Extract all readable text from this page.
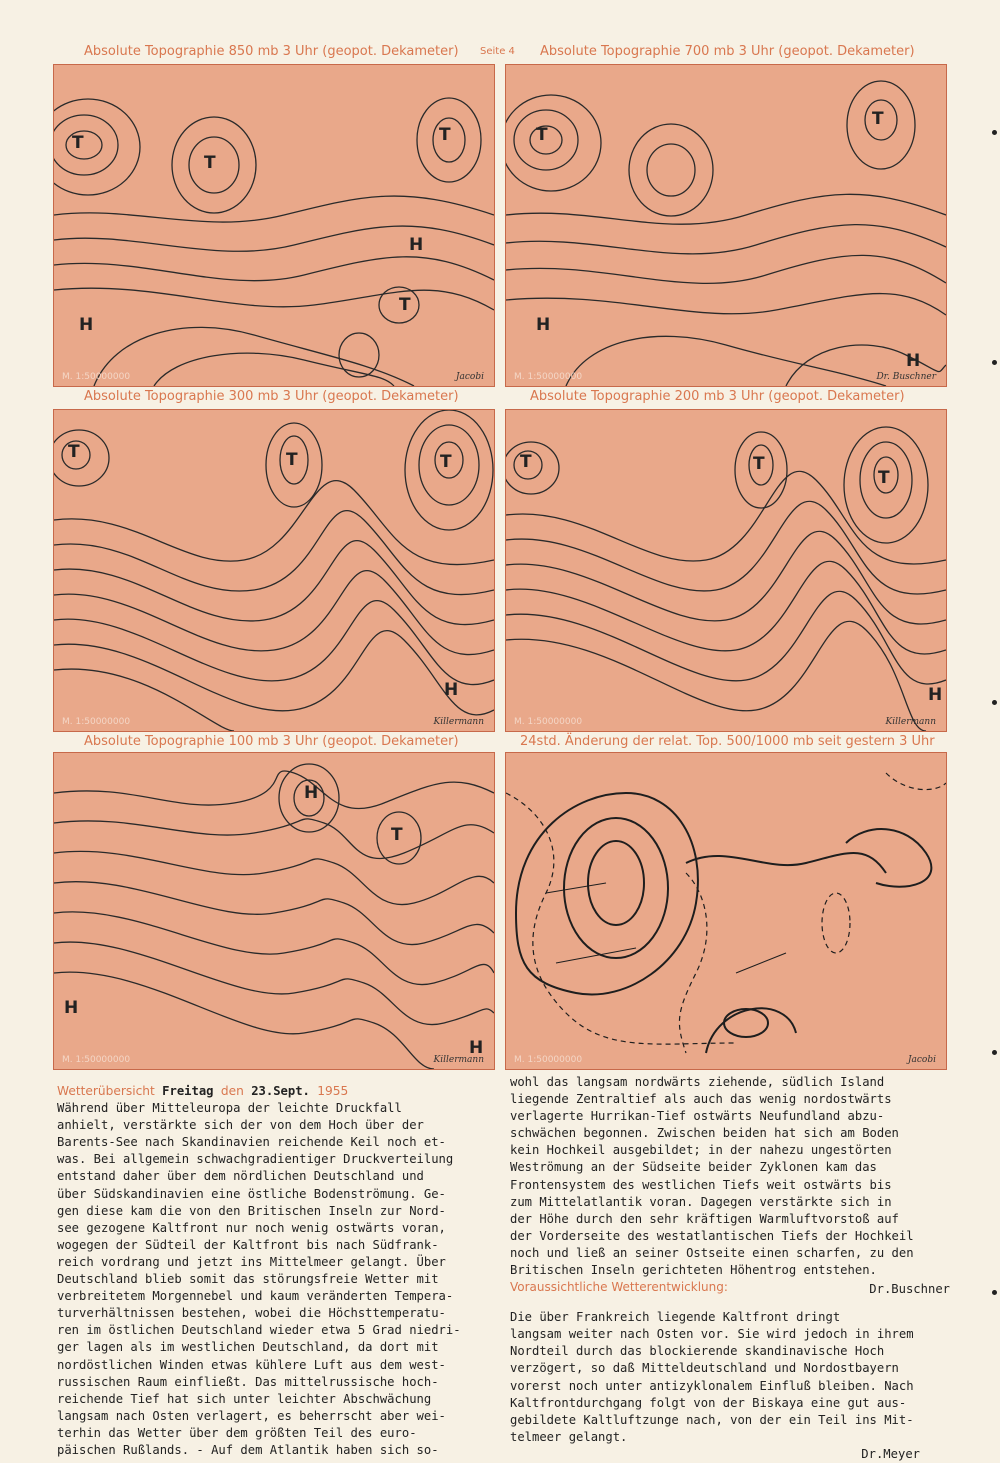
Seite 4
Absolute Topographie 850 mb 3 Uhr (geopot. Dekameter)	Absolute Topographie 700 mb 3 Uhr (geopot. Dekameter)
Absolute Topographie 300 mb 3 Uhr (geopot. Dekameter)	Absolute Topographie 200 mb 3 Uhr (geopot. Dekameter)
Absolute Topographie 100 mb 3 Uhr (geopot. Dekameter)	24std. Änderung der relat. Top. 500/1000 mb seit gestern 3 Uhr
T
T
T
T
H
H
M. 1:50000000	Jacobi
T
T
H
H
M. 1:50000000	Dr. Buschner
T	T	T
H
M. 1:50000000	Killermann
T	T
T
H
M. 1:50000000	Killermann
H
T
H
H
M. 1:50000000	Killermann	M. 1:50000000	Jacobi
Wetterübersicht Freitag den 23.Sept. 1955
Während über Mitteleuropa der leichte Druckfall
anhielt, verstärkte sich der von dem Hoch über der
Barents-See nach Skandinavien reichende Keil noch et-
was. Bei allgemein schwachgradientiger Druckverteilung
entstand daher über dem nördlichen Deutschland und
über Südskandinavien eine östliche Bodenströmung. Ge-
gen diese kam die von den Britischen Inseln zur Nord-
see gezogene Kaltfront nur noch wenig ostwärts voran,
wogegen der Südteil der Kaltfront bis nach Südfrank-
reich vordrang und jetzt ins Mittelmeer gelangt. Über
Deutschland blieb somit das störungsfreie Wetter mit
verbreitetem Morgennebel und kaum veränderten Tempera-
turverhältnissen bestehen, wobei die Höchsttemperatu-
ren im östlichen Deutschland wieder etwa 5 Grad niedri-
ger lagen als im westlichen Deutschland, da dort mit
nordöstlichen Winden etwas kühlere Luft aus dem west-
russischen Raum einfließt. Das mittelrussische hoch-
reichende Tief hat sich unter leichter Abschwächung
langsam nach Osten verlagert, es beherrscht aber wei-
terhin das Wetter über dem größten Teil des euro-
päischen Rußlands. - Auf dem Atlantik haben sich so-
wohl das langsam nordwärts ziehende, südlich Island
liegende Zentraltief als auch das wenig nordostwärts
verlagerte Hurrikan-Tief ostwärts Neufundland abzu-
schwächen begonnen. Zwischen beiden hat sich am Boden
kein Hochkeil ausgebildet; in der nahezu ungestörten
Weströmung an der Südseite beider Zyklonen kam das
Frontensystem des westlichen Tiefs weit ostwärts bis
zum Mittelatlantik voran. Dagegen verstärkte sich in
der Höhe durch den sehr kräftigen Warmluftvorstoß auf
der Vorderseite des westatlantischen Tiefs der Hochkeil
noch und ließ an seiner Ostseite einen scharfen, zu den
Britischen Inseln gerichteten Höhentrog entstehen.
Voraussichtliche Wetterentwicklung:	Dr.Buschner
Die über Frankreich liegende Kaltfront dringt
langsam weiter nach Osten vor. Sie wird jedoch in ihrem
Nordteil durch das blockierende skandinavische Hoch
verzögert, so daß Mitteldeutschland und Nordostbayern
vorerst noch unter antizyklonalem Einfluß bleiben. Nach
Kaltfrontdurchgang folgt von der Biskaya eine gut aus-
gebildete Kaltluftzunge nach, von der ein Teil ins Mit-
telmeer gelangt.
Dr.Meyer
